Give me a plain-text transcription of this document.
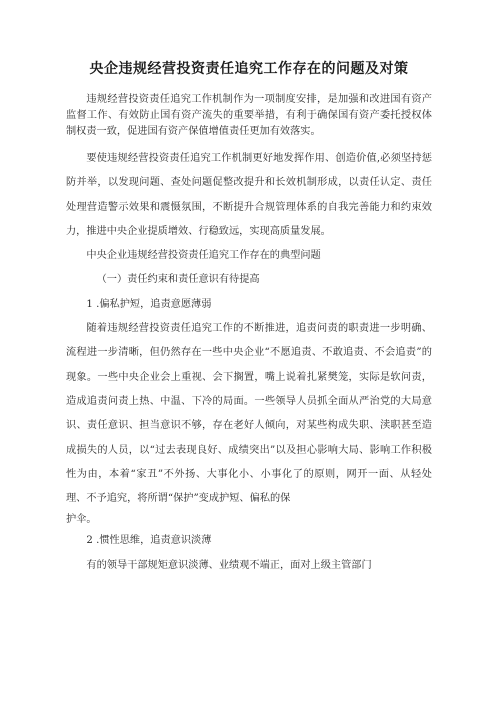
央企违规经营投资责任追究工作存在的问题及对策

违规经营投资责任追究工作机制作为一项制度安排，是加强和改进国有资产监督工作、有效防止国有资产流失的重要举措，有利于确保国有资产委托授权体制权责一致，促进国有资产保值增值责任更加有效落实。

要使违规经营投资责任追究工作机制更好地发挥作用、创造价值,必须坚持惩防并举，以发现问题、查处问题促整改提升和长效机制形成，以责任认定、责任处理营造警示效果和震慑氛围，不断提升合规管理体系的自我完善能力和约束效力，推进中央企业提质增效、行稳致远，实现高质量发展。

中央企业违规经营投资责任追究工作存在的典型问题

（一）责任约束和责任意识有待提高

1 .偏私护短，追责意愿薄弱

随着违规经营投资责任追究工作的不断推进，追责问责的职责进一步明确、流程进一步清晰，但仍然存在一些中央企业“不愿追责、不敢追责、不会追责”的现象。一些中央企业会上重视、会下搁置，嘴上说着扎紧樊笼，实际是软问责，造成追责问责上热、中温、下冷的局面。一些领导人员抓全面从严治党的大局意识、责任意识、担当意识不够，存在老好人倾向，对某些构成失职、渎职甚至造成损失的人员，以“过去表现良好、成绩突出”以及担心影响大局、影响工作积极性为由，本着“家丑”不外扬、大事化小、小事化了的原则，网开一面、从轻处理、不予追究，将所谓“保护”变成护短、偏私的保

护伞。

2 .惯性思维，追责意识淡薄

有的领导干部规矩意识淡薄、业绩观不端正，面对上级主管部门
